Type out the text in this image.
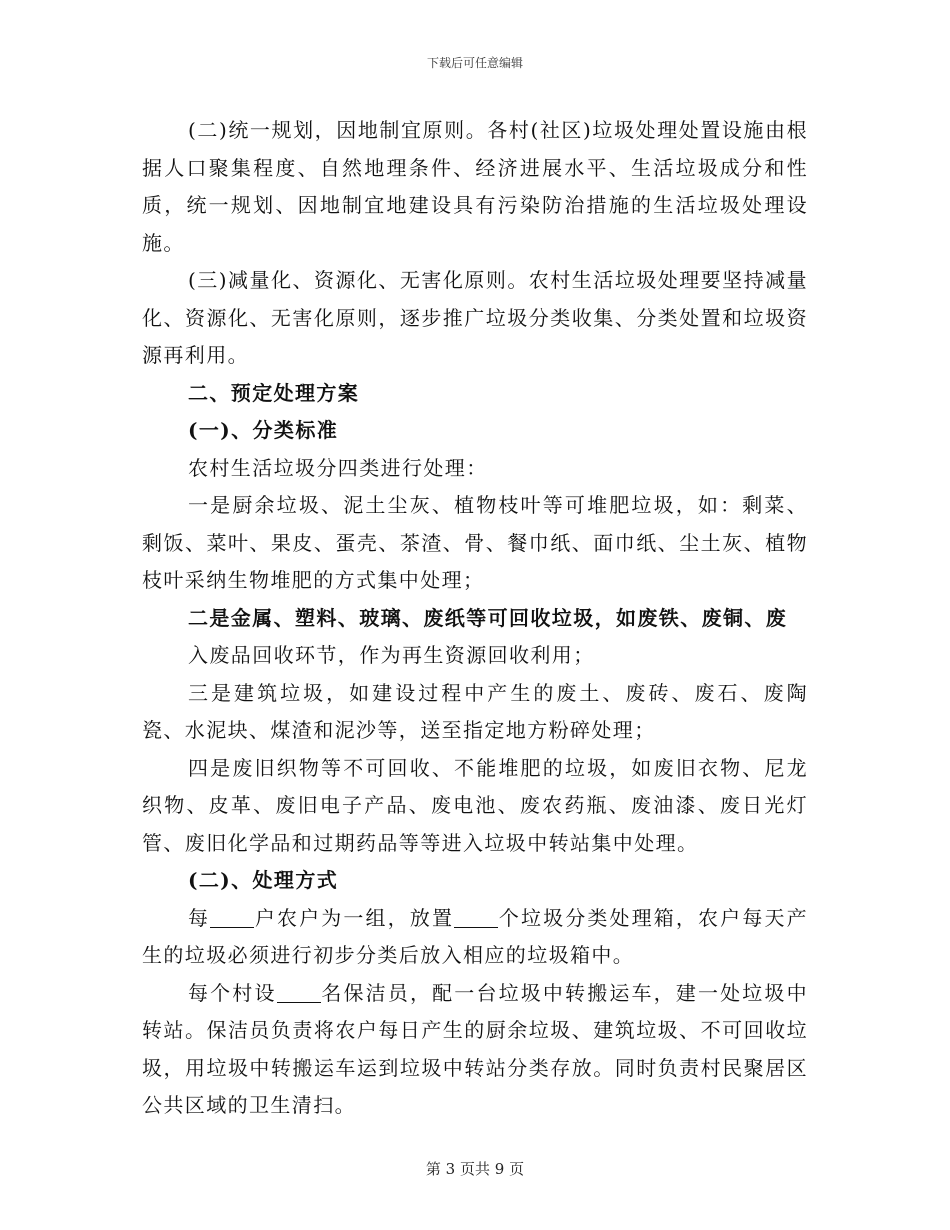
下载后可任意编辑

(二)统一规划，因地制宜原则。各村(社区)垃圾处理处置设施由根据人口聚集程度、自然地理条件、经济进展水平、生活垃圾成分和性质，统一规划、因地制宜地建设具有污染防治措施的生活垃圾处理设施。

(三)减量化、资源化、无害化原则。农村生活垃圾处理要坚持减量化、资源化、无害化原则，逐步推广垃圾分类收集、分类处置和垃圾资源再利用。

二、预定处理方案

(一)、分类标准

农村生活垃圾分四类进行处理：

一是厨余垃圾、泥土尘灰、植物枝叶等可堆肥垃圾，如：剩菜、剩饭、菜叶、果皮、蛋壳、茶渣、骨、餐巾纸、面巾纸、尘土灰、植物枝叶采纳生物堆肥的方式集中处理；

二是金属、塑料、玻璃、废纸等可回收垃圾，如废铁、废铜、废

入废品回收环节，作为再生资源回收利用；

三是建筑垃圾，如建设过程中产生的废土、废砖、废石、废陶瓷、水泥块、煤渣和泥沙等，送至指定地方粉碎处理；

四是废旧织物等不可回收、不能堆肥的垃圾，如废旧衣物、尼龙织物、皮革、废旧电子产品、废电池、废农药瓶、废油漆、废日光灯管、废旧化学品和过期药品等等进入垃圾中转站集中处理。

(二)、处理方式

每 户农户为一组，放置 个垃圾分类处理箱，农户每天产生的垃圾必须进行初步分类后放入相应的垃圾箱中。

每个村设 名保洁员，配一台垃圾中转搬运车，建一处垃圾中转站。保洁员负责将农户每日产生的厨余垃圾、建筑垃圾、不可回收垃圾，用垃圾中转搬运车运到垃圾中转站分类存放。同时负责村民聚居区公共区域的卫生清扫。

第 3 页共 9 页
